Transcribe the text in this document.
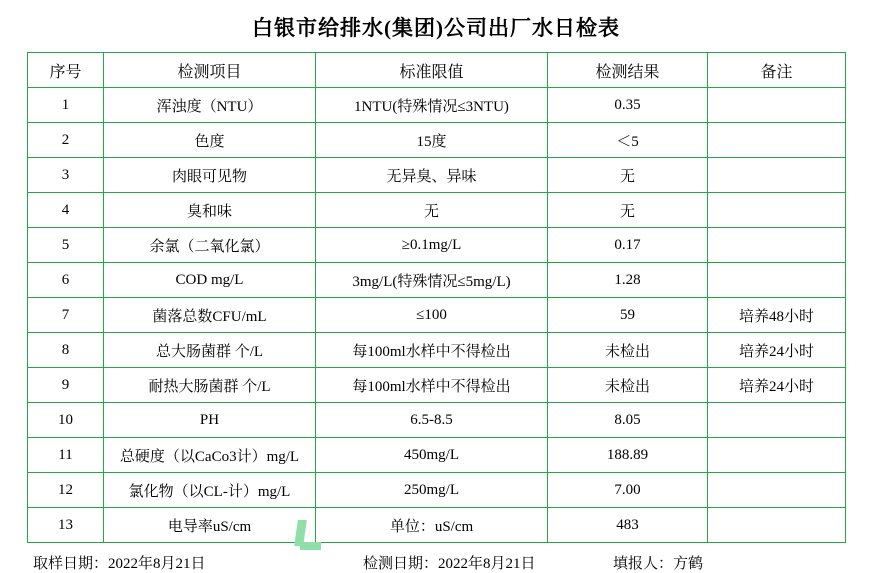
白银市给排水(集团)公司出厂水日检表
序号	检测项目	标准限值	检测结果	备注
1	浑浊度（NTU）	1NTU(特殊情况≤3NTU)	0.35	
2	色度	15度	＜5	
3	肉眼可见物	无异臭、异味	无	
4	臭和味	无	无	
5	余氯（二氧化氯）	≥0.1mg/L	0.17	
6	COD mg/L	3mg/L(特殊情况≤5mg/L)	1.28	
7	菌落总数CFU/mL	≤100	59	培养48小时
8	总大肠菌群 个/L	每100ml水样中不得检出	未检出	培养24小时
9	耐热大肠菌群 个/L	每100ml水样中不得检出	未检出	培养24小时
10	PH	6.5-8.5	8.05	
11	总硬度（以CaCo3计）mg/L	450mg/L	188.89	
12	氯化物（以CL-计）mg/L	250mg/L	7.00	
13	电导率uS/cm	单位：uS/cm	483	
取样日期：2022年8月21日	检测日期：2022年8月21日	填报人：方鹤
